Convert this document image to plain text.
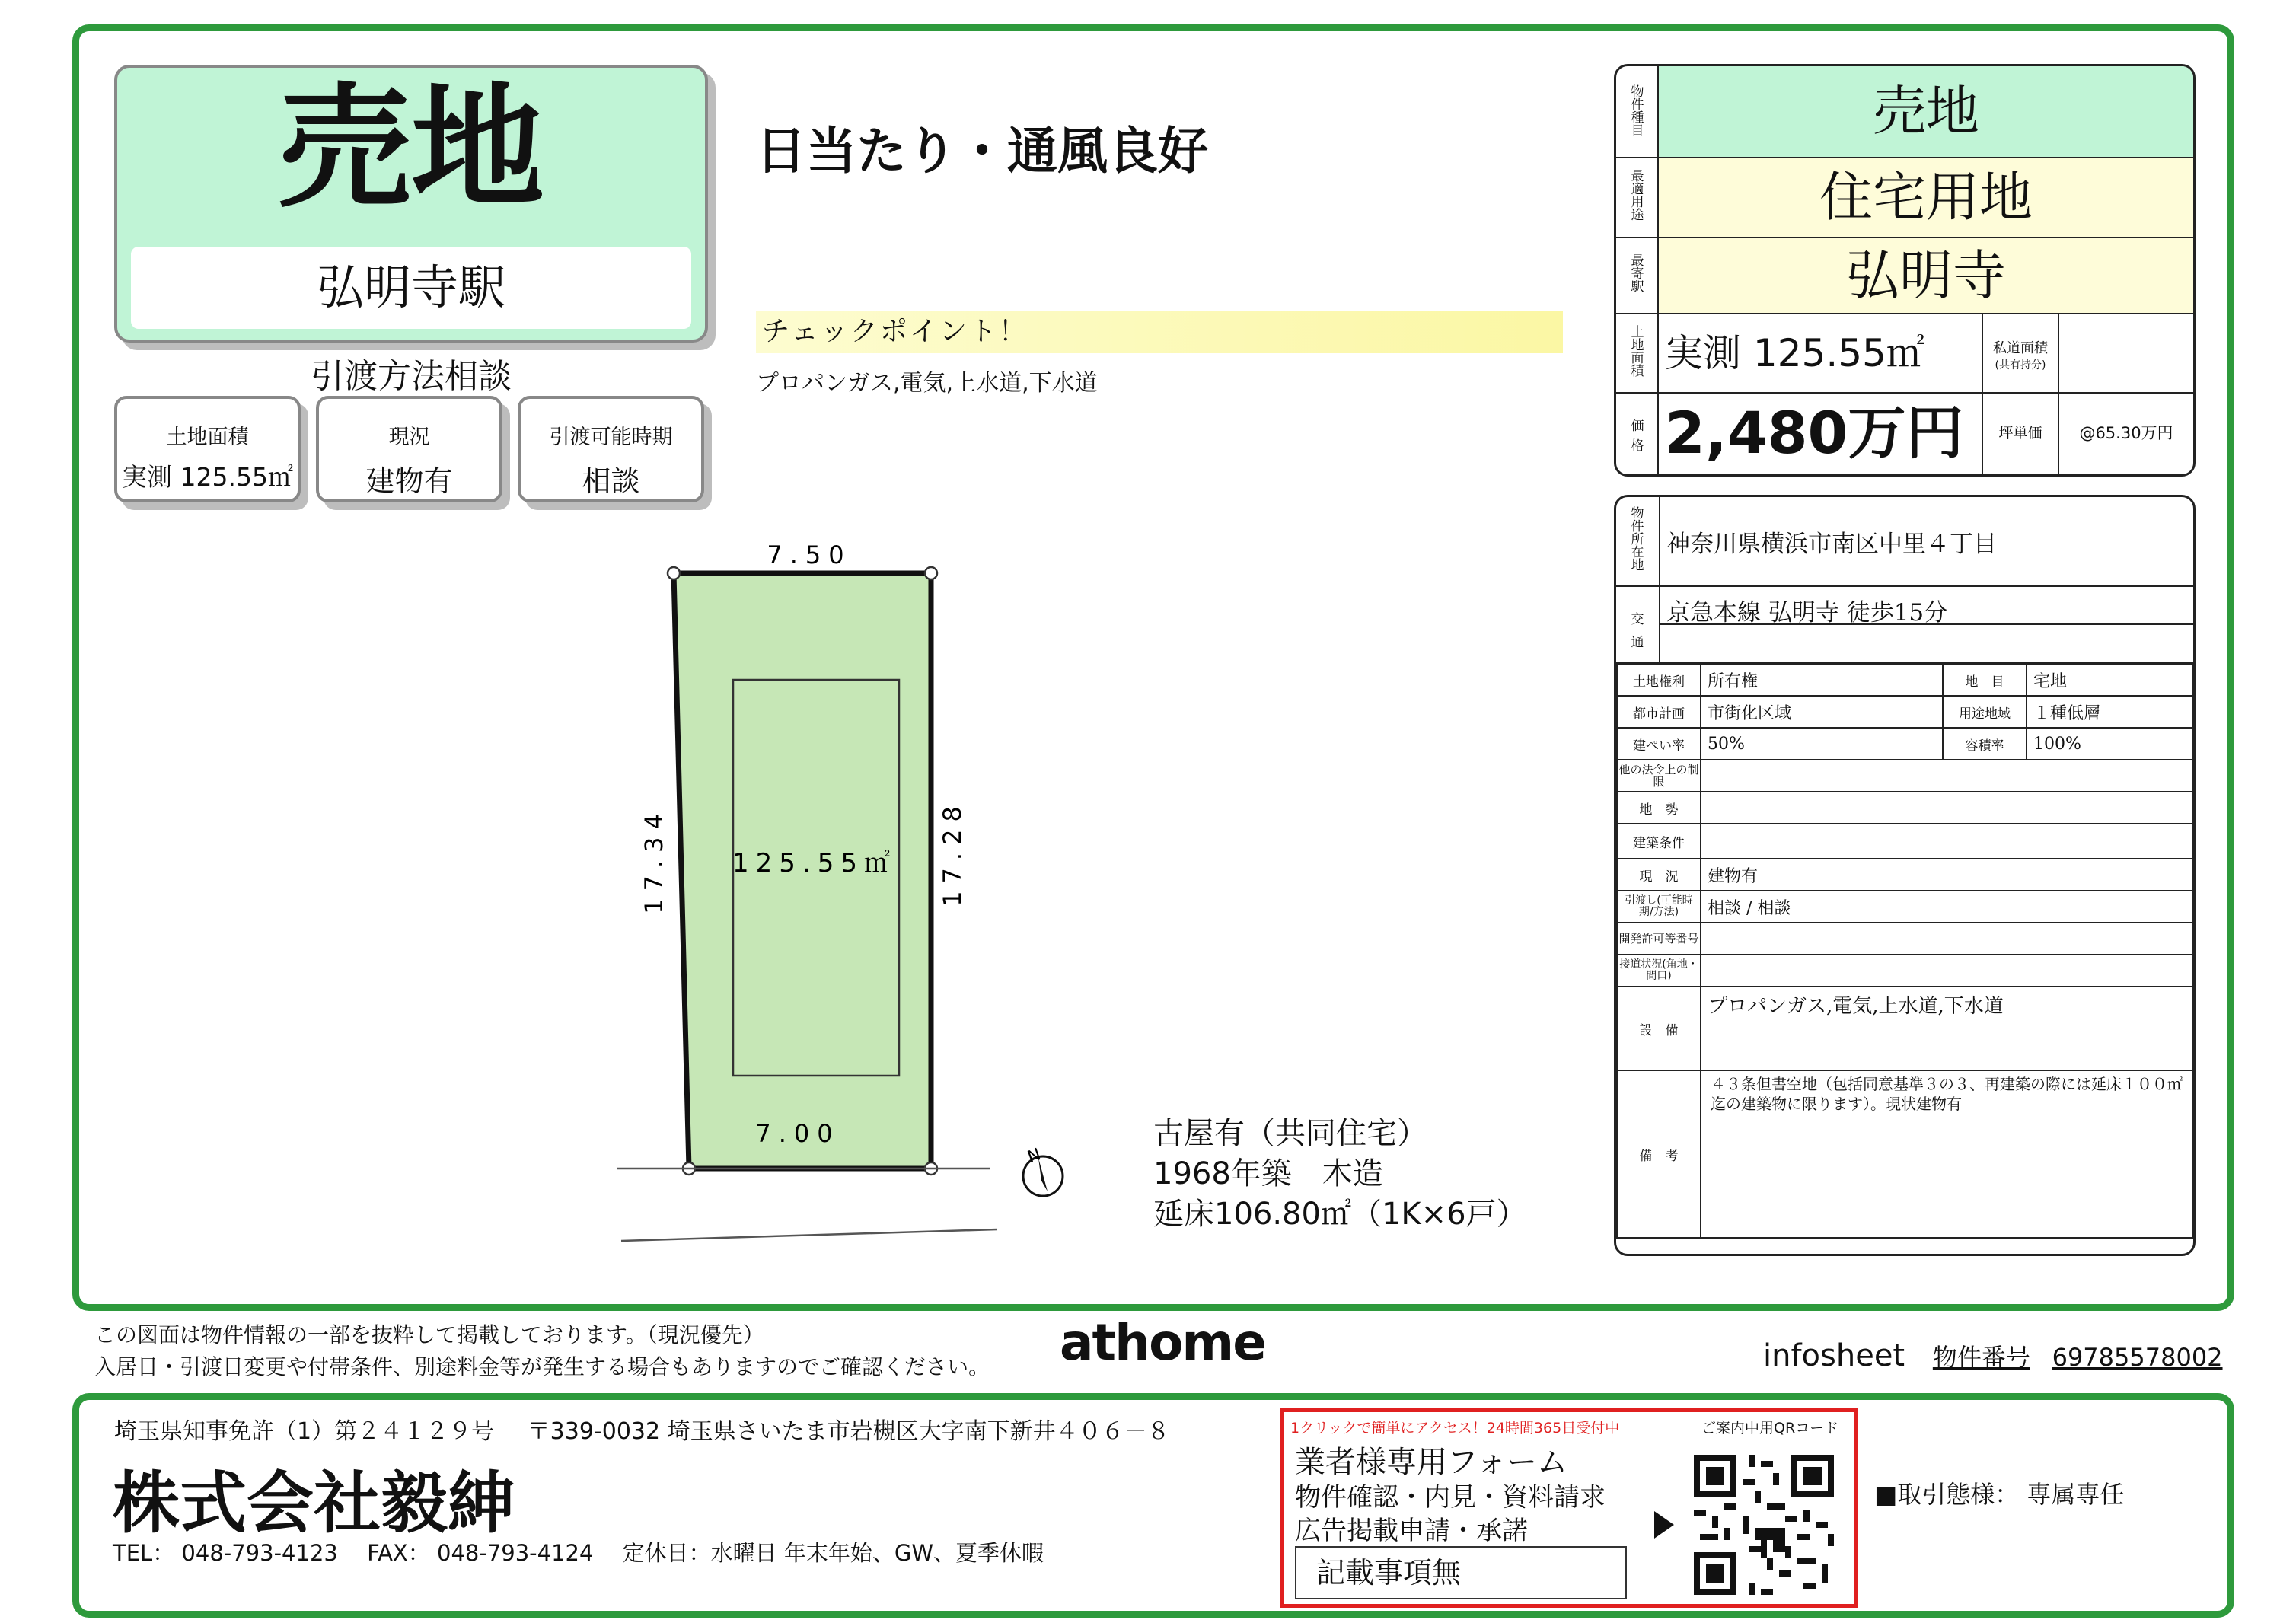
売地
弘明寺駅
引渡方法相談
土地面積
実測 125.55㎡
現況
建物有
引渡可能時期
相談
日当たり・通風良好
チェックポイント！
プロパンガス,電気,上水道,下水道
7.50
7.00
17.34	17.28
125.55㎡
N
古屋有（共同住宅）
1968年築　木造
延床106.80㎡（1K×6戸）
物件種目	売地
最適用途	住宅用地
最寄駅	弘明寺
土地面積 実測 125.55㎡	私道面積
(共有持分)
価格 2,480万円	坪単価	@65.30万円
物件所在地
神奈川県横浜市南区中里４丁目
交通
京急本線 弘明寺 徒歩15分
土地権利	所有権	地　目	宅地
都市計画	市街化区域	用途地域	１種低層
建ぺい率	50%	容積率	100%
他の法令上の制限			
地　勢			
建築条件			
現　況	建物有		
引渡し(可能時期/方法)	相談 / 相談		
開発許可等番号			
接道状況(角地・間口)			
設　備	プロパンガス,電気,上水道,下水道		
備　考	４３条但書空地（包括同意基準３の３、再建築の際には延床１００㎡迄の建築物に限ります）。現状建物有		
この図面は物件情報の一部を抜粋して掲載しております。（現況優先）
入居日・引渡日変更や付帯条件、別途料金等が発生する場合もありますのでご確認ください。 athome	infosheet 物件番号 69785578002
埼玉県知事免許（1）第２４１２９号 〒339-0032 埼玉県さいたま市岩槻区大字南下新井４０６－８
株式会社毅紳
TEL： 048-793-4123　 FAX： 048-793-4124　 定休日：水曜日 年末年始、GW、夏季休暇
1クリックで簡単にアクセス！24時間365日受付中	ご案内中用QRコード
業者様専用フォーム
物件確認・内見・資料請求
広告掲載申請・承諾
記載事項無
■取引態様： 専属専任
